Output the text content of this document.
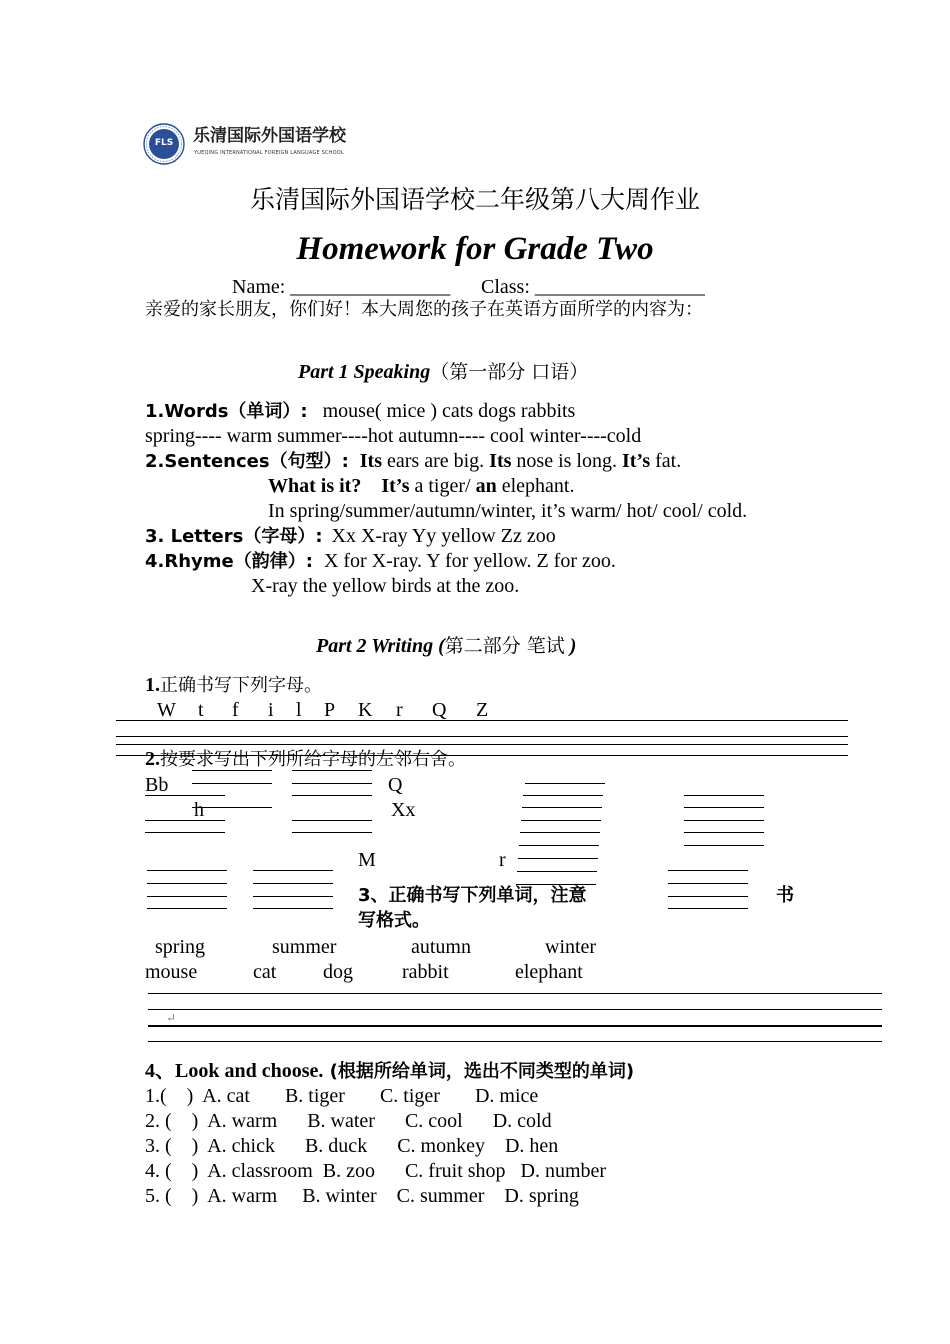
FLS 乐清国际外国语学校
YUEQING INTERNATIONAL FOREIGN LANGUAGE SCHOOL
乐清国际外国语学校二年级第八大周作业
Homework for Grade Two
Name: ________________ Class: _________________
亲爱的家长朋友，你们好！本大周您的孩子在英语方面所学的内容为：
Part 1 Speaking（第一部分 口语）
1.Words（单词）: mouse( mice ) cats dogs rabbits
spring---- warm summer----hot autumn---- cool winter----cold
2.Sentences（句型）: Its ears are big. Its nose is long. It’s fat.
What is it? It’s a tiger/ an elephant.
In spring/summer/autumn/winter, it’s warm/ hot/ cool/ cold.
3. Letters（字母）: Xx X-ray Yy yellow Zz zoo
4.Rhyme（韵律）: X for X-ray. Y for yellow. Z for zoo.
X-ray the yellow birds at the zoo.
Part 2 Writing (第二部分 笔试 )
1.正确书写下列字母。
W t f i l P K r Q Z
2.按要求写出下列所给字母的左邻右舍。
Bb	Q
h	Xx
M	r
3、正确书写下列单词，注意	书
写格式。
spring	summer	autumn	winter
mouse	cat dog rabbit	elephant
↵
4、Look and choose. (根据所给单词，选出不同类型的单词)
1.(    )  A. cat       B. tiger       C. tiger       D. mice
2. (    )  A. warm      B. water      C. cool      D. cold
3. (    )  A. chick      B. duck      C. monkey    D. hen
4. (    )  A. classroom  B. zoo      C. fruit shop   D. number
5. (    )  A. warm     B. winter    C. summer    D. spring
